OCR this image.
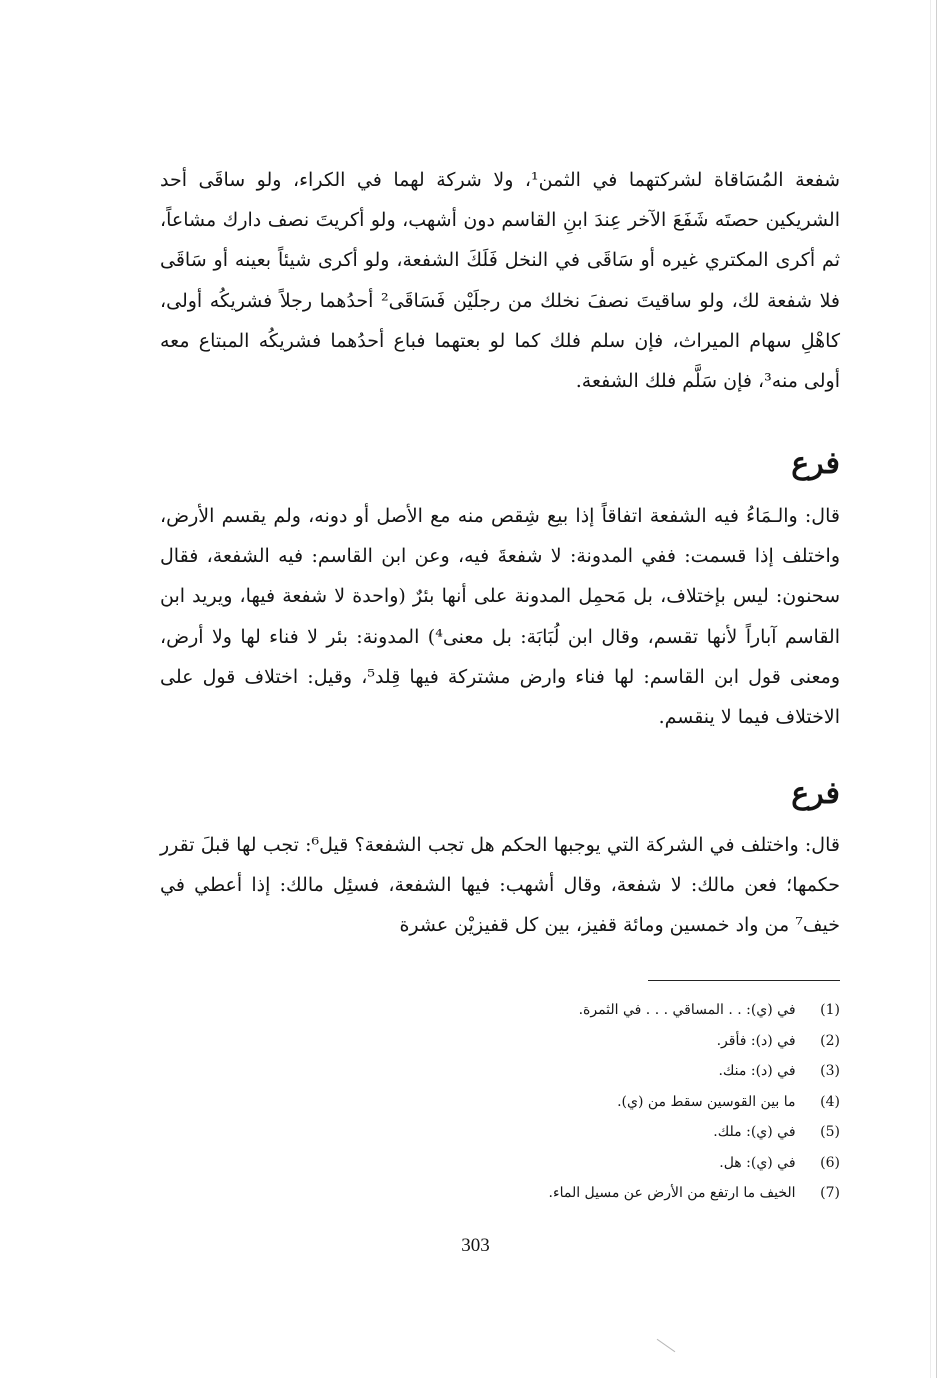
شفعة المُسَاقاة لشركتهما في الثمن¹، ولا شركة لهما في الكراء، ولو ساقَى أحد الشريكين حصتَه شَفَعَ الآخر عِندَ ابنِ القاسم دون أشهب، ولو أكريتَ نصف دارك مشاعاً، ثم أكرى المكتري غيره أو سَاقَى في النخل فَلَكَ الشفعة، ولو أكرى شيئاً بعينه أو سَاقَى فلا شفعة لك، ولو ساقيتَ نصفَ نخلك من رجلَيْن فَسَاقَى² أحدُهما رجلاً فشريكُه أولى، كاهْلِ سهام الميراث، فإن سلم فلك كما لو بعتهما فباع أحدُهما فشريكُه المبتاع معه أولى منه³، فإن سَلَّم فلك الشفعة.

فرع

قال: والـمَاءُ فيه الشفعة اتفاقاً إذا بيع شِقص منه مع الأصل أو دونه، ولم يقسم الأرض، واختلف إذا قسمت: ففي المدونة: لا شفعةَ فيه، وعن ابن القاسم: فيه الشفعة، فقال سحنون: ليس بإختلاف، بل مَحمِل المدونة على أنها بئرٌ (واحدة لا شفعة فيها، ويريد ابن القاسم آباراً لأنها تقسم، وقال ابن لُبَابَة: بل معنى⁴) المدونة: بئر لا فناء لها ولا أرض، ومعنى قول ابن القاسم: لها فناء وارض مشتركة فيها قِلد⁵، وقيل: اختلاف قول على الاختلاف فيما لا ينقسم.

فرع

قال: واختلف في الشركة التي يوجبها الحكم هل تجب الشفعة؟ قيل⁶: تجب لها قبلَ تقرر حكمها؛ فعن مالك: لا شفعة، وقال أشهب: فيها الشفعة، فسئِل مالك: إذا أعطي في خيف⁷ من واد خمسين ومائة قفيز، بين كل قفيزيْن عشرة

(1) في (ي): . . المساقي . . . في الثمرة.
(2) في (د): فأقر.
(3) في (د): منك.
(4) ما بين القوسين سقط من (ي).
(5) في (ي): ملك.
(6) في (ي): هل.
(7) الخيف ما ارتفع من الأرض عن مسيل الماء.
303
